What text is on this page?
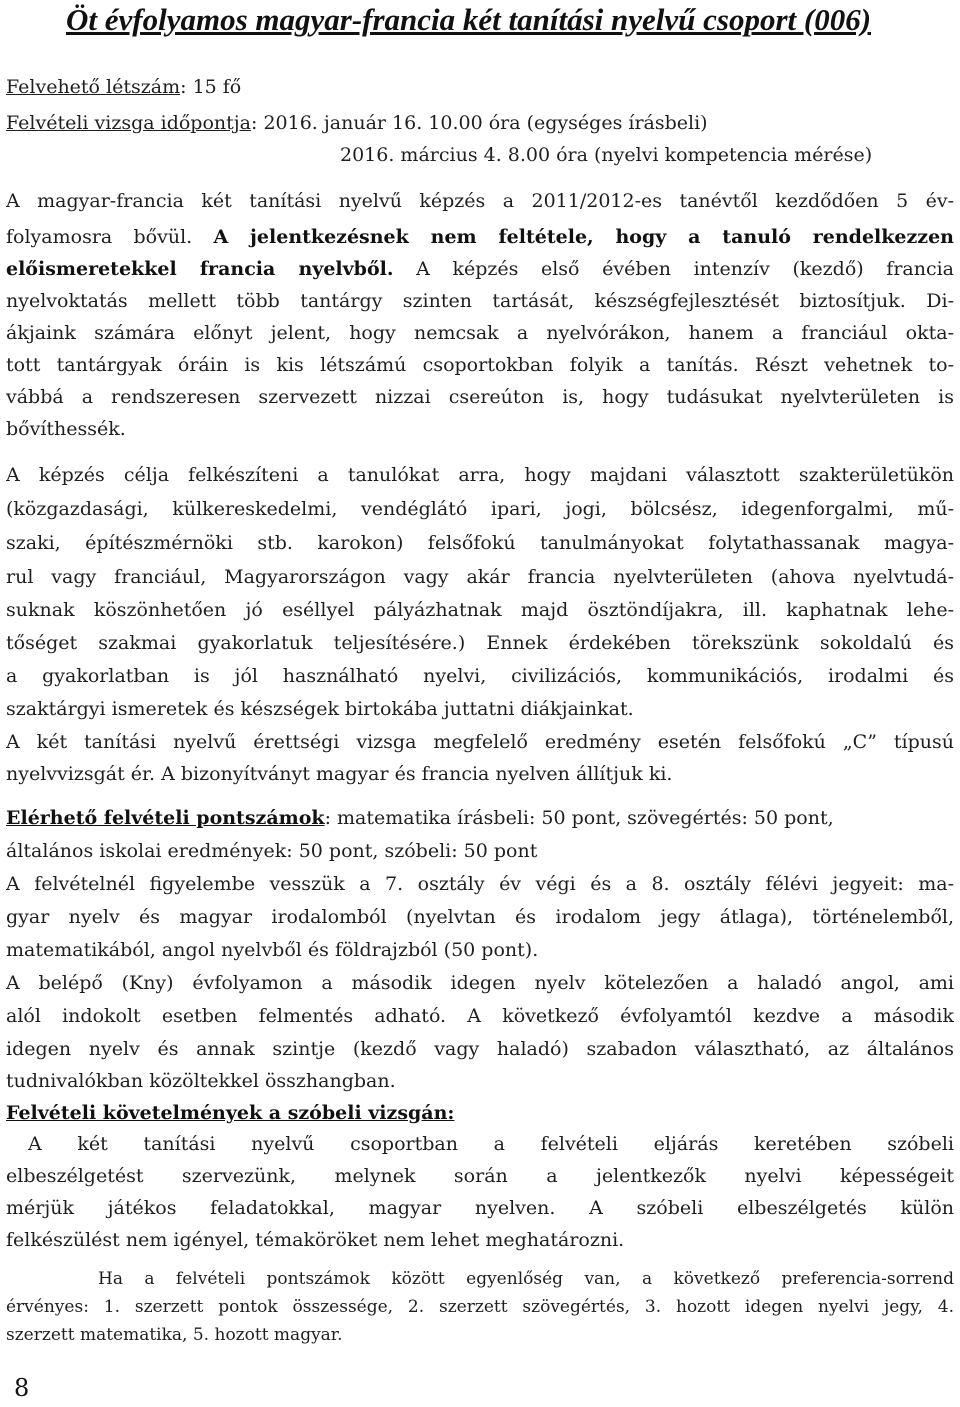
Öt évfolyamos magyar-francia két tanítási nyelvű csoport (006)
Felvehető létszám: 15 fő
Felvételi vizsga időpontja: 2016. január 16. 10.00 óra (egységes írásbeli)
2016. március 4. 8.00 óra (nyelvi kompetencia mérése)
A magyar-francia két tanítási nyelvű képzés a 2011/2012-es tanévtől kezdődően 5 év-
folyamosra bővül. A jelentkezésnek nem feltétele, hogy a tanuló rendelkezzen
előismeretekkel francia nyelvből. A képzés első évében intenzív (kezdő) francia
nyelvoktatás mellett több tantárgy szinten tartását, készségfejlesztését biztosítjuk. Di-
ákjaink számára előnyt jelent, hogy nemcsak a nyelvórákon, hanem a franciául okta-
tott tantárgyak óráin is kis létszámú csoportokban folyik a tanítás. Részt vehetnek to-
vábbá a rendszeresen szervezett nizzai csereúton is, hogy tudásukat nyelvterületen is
bővíthessék.
A képzés célja felkészíteni a tanulókat arra, hogy majdani választott szakterületükön
(közgazdasági, külkereskedelmi, vendéglátó ipari, jogi, bölcsész, idegenforgalmi, mű-
szaki, építészmérnöki stb. karokon) felsőfokú tanulmányokat folytathassanak magya-
rul vagy franciául, Magyarországon vagy akár francia nyelvterületen (ahova nyelvtudá-
suknak köszönhetően jó eséllyel pályázhatnak majd ösztöndíjakra, ill. kaphatnak lehe-
tőséget szakmai gyakorlatuk teljesítésére.) Ennek érdekében törekszünk sokoldalú és
a gyakorlatban is jól használható nyelvi, civilizációs, kommunikációs, irodalmi és
szaktárgyi ismeretek és készségek birtokába juttatni diákjainkat.
A két tanítási nyelvű érettségi vizsga megfelelő eredmény esetén felsőfokú „C” típusú
nyelvvizsgát ér. A bizonyítványt magyar és francia nyelven állítjuk ki.
Elérhető felvételi pontszámok: matematika írásbeli: 50 pont, szövegértés: 50 pont,
általános iskolai eredmények: 50 pont, szóbeli: 50 pont
A felvételnél figyelembe vesszük a 7. osztály év végi és a 8. osztály félévi jegyeit: ma-
gyar nyelv és magyar irodalomból (nyelvtan és irodalom jegy átlaga), történelemből,
matematikából, angol nyelvből és földrajzból (50 pont).
A belépő (Kny) évfolyamon a második idegen nyelv kötelezően a haladó angol, ami
alól indokolt esetben felmentés adható. A következő évfolyamtól kezdve a második
idegen nyelv és annak szintje (kezdő vagy haladó) szabadon választható, az általános
tudnivalókban közöltekkel összhangban.
Felvételi követelmények a szóbeli vizsgán:
A két tanítási nyelvű csoportban a felvételi eljárás keretében szóbeli
elbeszélgetést szervezünk, melynek során a jelentkezők nyelvi képességeit
mérjük játékos feladatokkal, magyar nyelven. A szóbeli elbeszélgetés külön
felkészülést nem igényel, témaköröket nem lehet meghatározni.
Ha a felvételi pontszámok között egyenlőség van, a következő preferencia-sorrend
érvényes: 1. szerzett pontok összessége, 2. szerzett szövegértés, 3. hozott idegen nyelvi jegy, 4.
szerzett matematika, 5. hozott magyar.
8
